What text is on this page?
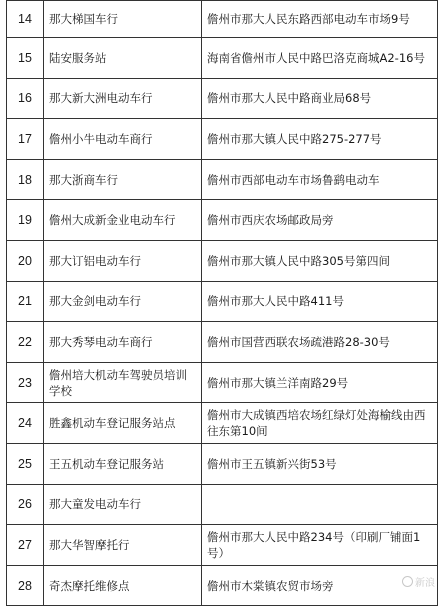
14	那大梯国车行	儋州市那大人民东路西部电动车市场9号
15	陆安服务站	海南省儋州市人民中路巴洛克商城A2-16号
16	那大新大洲电动车行	儋州市那大人民中路商业局68号
17	儋州小牛电动车商行	儋州市那大镇人民中路275-277号
18	那大浙商车行	儋州市西部电动车市场鲁鹞电动车
19	儋州大成新金业电动车行	儋州市西庆农场邮政局旁
20	那大订铝电动车行	儋州市那大镇人民中路305号第四间
21	那大金剑电动车行	儋州市那大人民中路411号
22	那大秀琴电动车商行	儋州市国营西联农场疏港路28-30号
23	儋州培大机动车驾驶员培训学校	儋州市那大镇兰洋南路29号
24	胜鑫机动车登记服务站点	儋州市大成镇西培农场红绿灯处海榆线由西往东第10间
25	王五机动车登记服务站	儋州市王五镇新兴街53号
26	那大童发电动车行	
27	那大华智摩托行	儋州市那大人民中路234号（印刷厂铺面1号）
28	奇杰摩托维修点	儋州市木棠镇农贸市场旁	新浪
